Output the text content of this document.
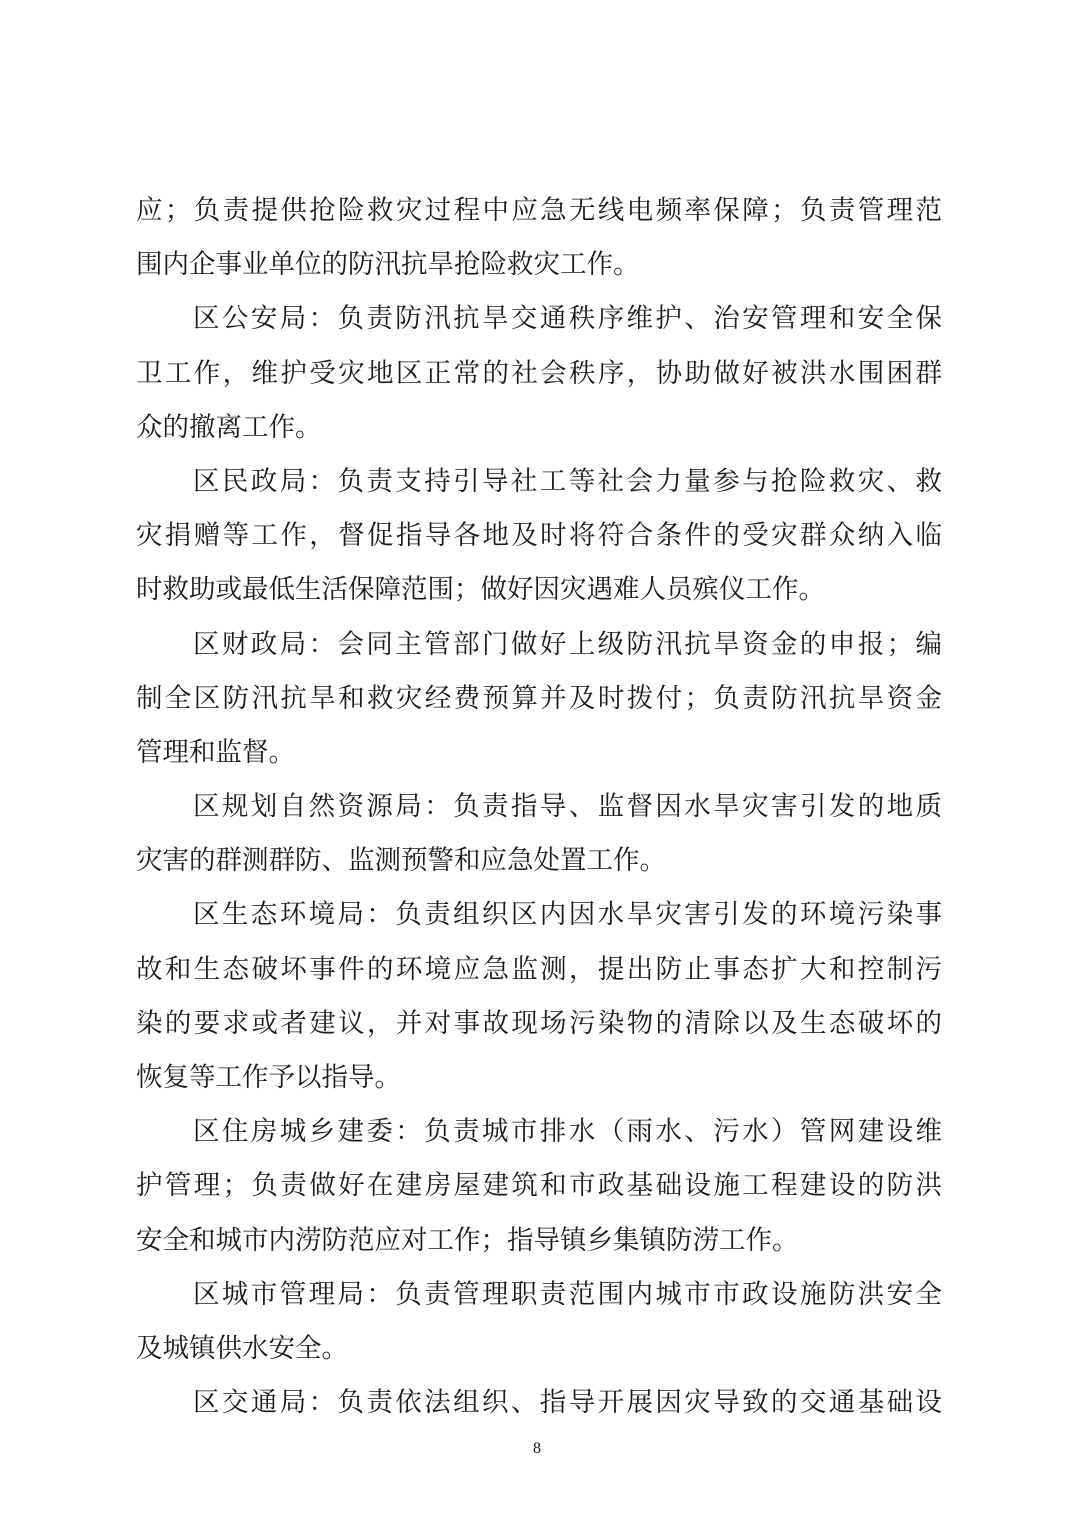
应；负责提供抢险救灾过程中应急无线电频率保障；负责管理范
围内企事业单位的防汛抗旱抢险救灾工作。
区公安局：负责防汛抗旱交通秩序维护、治安管理和安全保
卫工作，维护受灾地区正常的社会秩序，协助做好被洪水围困群
众的撤离工作。
区民政局：负责支持引导社工等社会力量参与抢险救灾、救
灾捐赠等工作，督促指导各地及时将符合条件的受灾群众纳入临
时救助或最低生活保障范围；做好因灾遇难人员殡仪工作。
区财政局：会同主管部门做好上级防汛抗旱资金的申报；编
制全区防汛抗旱和救灾经费预算并及时拨付；负责防汛抗旱资金
管理和监督。
区规划自然资源局：负责指导、监督因水旱灾害引发的地质
灾害的群测群防、监测预警和应急处置工作。
区生态环境局：负责组织区内因水旱灾害引发的环境污染事
故和生态破坏事件的环境应急监测，提出防止事态扩大和控制污
染的要求或者建议，并对事故现场污染物的清除以及生态破坏的
恢复等工作予以指导。
区住房城乡建委：负责城市排水（雨水、污水）管网建设维
护管理；负责做好在建房屋建筑和市政基础设施工程建设的防洪
安全和城市内涝防范应对工作；指导镇乡集镇防涝工作。
区城市管理局：负责管理职责范围内城市市政设施防洪安全
及城镇供水安全。
区交通局：负责依法组织、指导开展因灾导致的交通基础设
8
